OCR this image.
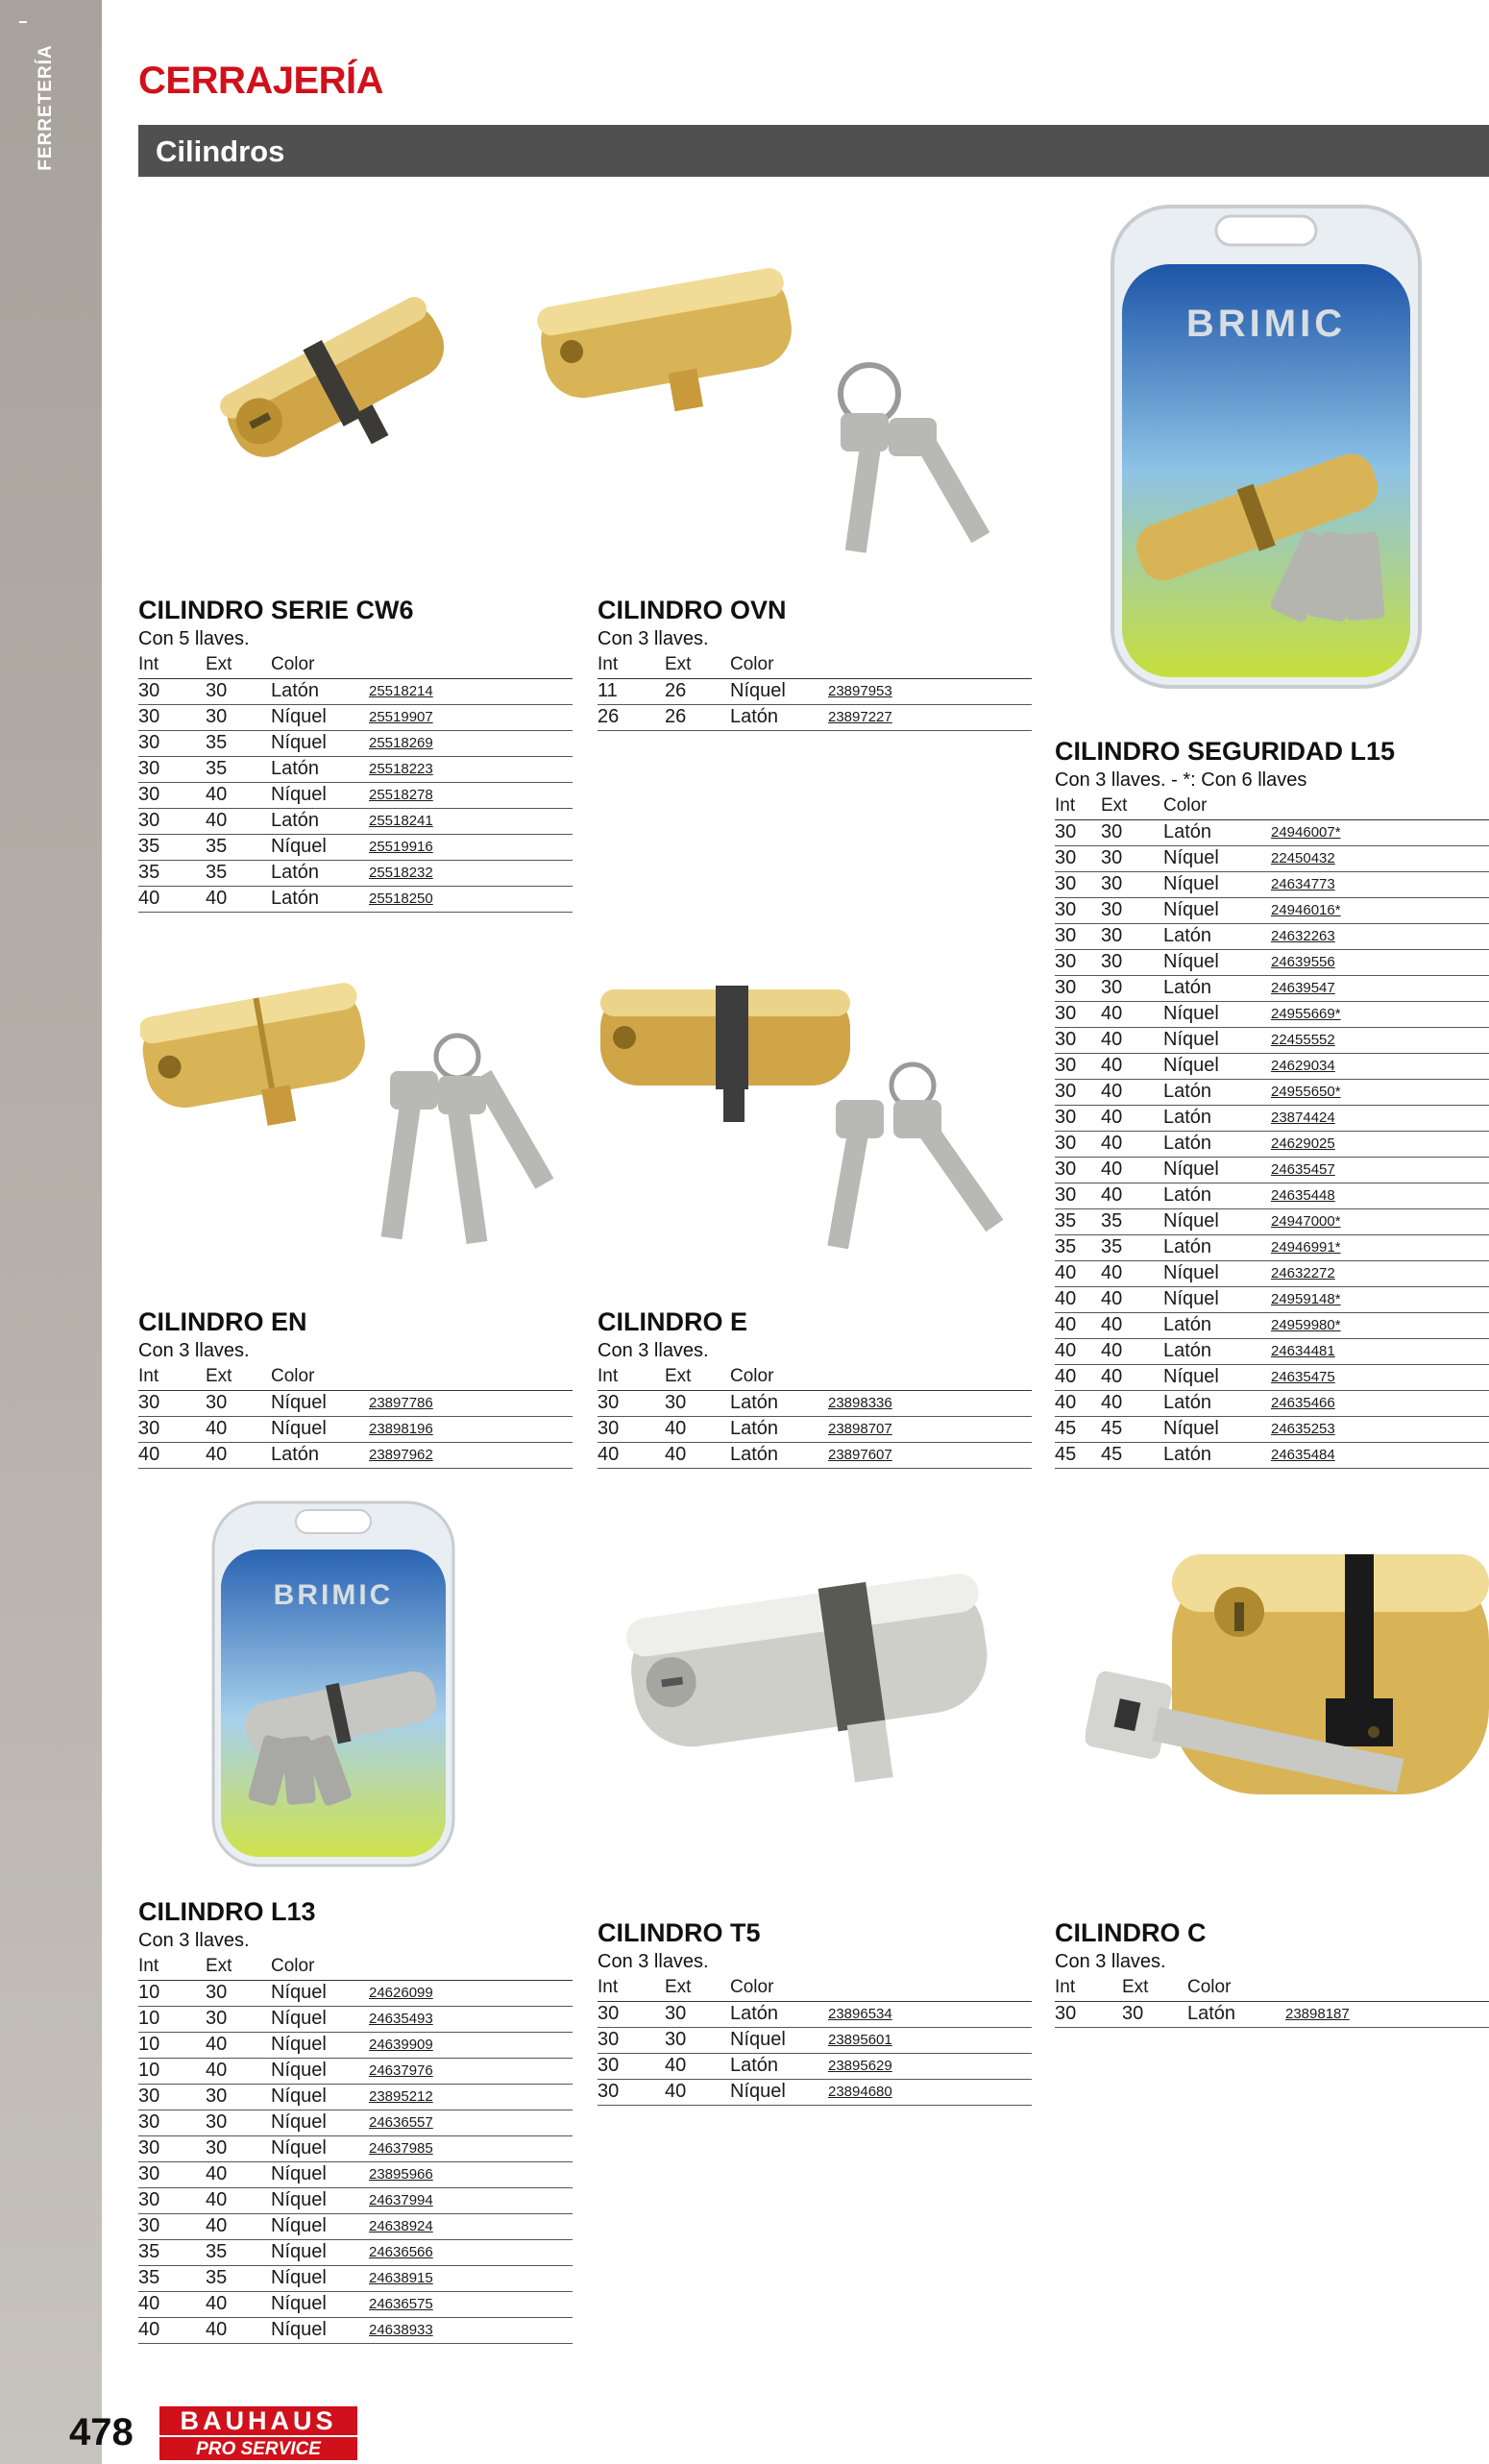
FERRETERÍA CERRAJERÍA
Cilindros
BRIMIC
BRIMIC
CILINDRO SERIE CW6
Con 5 llaves.
Int	Ext	Color	
30	30	Latón	25518214
30	30	Níquel	25519907
30	35	Níquel	25518269
30	35	Latón	25518223
30	40	Níquel	25518278
30	40	Latón	25518241
35	35	Níquel	25519916
35	35	Latón	25518232
40	40	Latón	25518250
CILINDRO OVN
Con 3 llaves.
Int	Ext	Color	
11	26	Níquel	23897953
26	26	Latón	23897227
CILINDRO SEGURIDAD L15
Con 3 llaves. - *: Con 6 llaves
Int	Ext	Color	
30	30	Latón	24946007*
30	30	Níquel	22450432
30	30	Níquel	24634773
30	30	Níquel	24946016*
30	30	Latón	24632263
30	30	Níquel	24639556
30	30	Latón	24639547
30	40	Níquel	24955669*
30	40	Níquel	22455552
30	40	Níquel	24629034
30	40	Latón	24955650*
30	40	Latón	23874424
30	40	Latón	24629025
30	40	Níquel	24635457
30	40	Latón	24635448
35	35	Níquel	24947000*
35	35	Latón	24946991*
40	40	Níquel	24632272
40	40	Níquel	24959148*
40	40	Latón	24959980*
40	40	Latón	24634481
40	40	Níquel	24635475
40	40	Latón	24635466
45	45	Níquel	24635253
45	45	Latón	24635484
CILINDRO EN
Con 3 llaves.
Int	Ext	Color	
30	30	Níquel	23897786
30	40	Níquel	23898196
40	40	Latón	23897962
CILINDRO E
Con 3 llaves.
Int	Ext	Color	
30	30	Latón	23898336
30	40	Latón	23898707
40	40	Latón	23897607
CILINDRO L13
Con 3 llaves.
Int	Ext	Color	
10	30	Níquel	24626099
10	30	Níquel	24635493
10	40	Níquel	24639909
10	40	Níquel	24637976
30	30	Níquel	23895212
30	30	Níquel	24636557
30	30	Níquel	24637985
30	40	Níquel	23895966
30	40	Níquel	24637994
30	40	Níquel	24638924
35	35	Níquel	24636566
35	35	Níquel	24638915
40	40	Níquel	24636575
40	40	Níquel	24638933
CILINDRO T5
Con 3 llaves.
Int	Ext	Color	
30	30	Latón	23896534
30	30	Níquel	23895601
30	40	Latón	23895629
30	40	Níquel	23894680
CILINDRO C
Con 3 llaves.
Int	Ext	Color	
30	30	Latón	23898187
478	BAUHAUS
PRO SERVICE
